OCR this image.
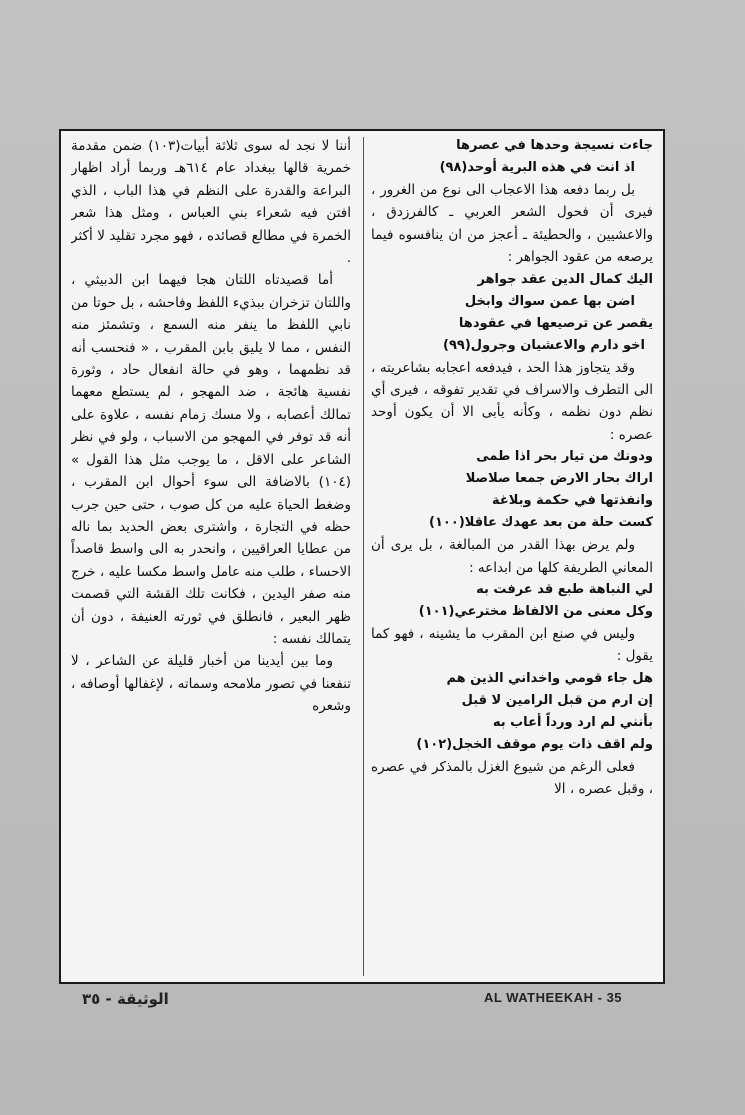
جاءت نسيجة وحدها في عصرها

اذ انت في هذه البرية أوحد(٩٨)

بل ربما دفعه هذا الاعجاب الى نوع من الغرور ، فيرى أن فحول الشعر العربي ـ كالفرزدق ، والاعشيين ، والحطيئة ـ أعجز من ان ينافسوه فيما يرصعه من عقود الجواهر :

اليك كمال الدين عقد جواهر

اضن بها عمن سواك وابخل

يقصر عن ترصيعها في عقودها

اخو دارم والاعشيان وجرول(٩٩)

وقد يتجاوز هذا الحد ، فيدفعه اعجابه بشاعريته ، الى التطرف والاسراف في تقدير تفوقه ، فيرى أي نظم دون نظمه ، وكأنه يأبى الا أن يكون أوحد عصره :

ودونك من تيار بحر اذا طمى

اراك بحار الارض جمعا صلاصلا

وانفذتها في حكمة وبلاغة

كست حلة من بعد عهدك عاقلا(١٠٠)

ولم يرض بهذا القدر من المبالغة ، بل يرى أن المعاني الطريفة كلها من ابداعه :

لي النباهة طبع قد عرفت به

وكل معنى من الالفاظ مخترعي(١٠١)

وليس في صنع ابن المقرب ما يشينه ، فهو كما يقول :

هل جاء قومي واخداني الذين هم

إن ارم من قبل الرامين لا قبل

بأنني لم ارد ورداً أعاب به

ولم اقف ذات يوم موقف الخجل(١٠٢)

فعلى الرغم من شيوع الغزل بالمذكر في عصره ، وقبل عصره ، الا

أننا لا نجد له سوى ثلاثة أبيات(١٠٣) ضمن مقدمة خمرية قالها ببغداد عام ٦١٤هـ وربما أراد اظهار البراعة والقدرة على النظم في هذا الباب ، الذي افتن فيه شعراء بني العباس ، ومثل هذا شعر الخمرة في مطالع قصائده ، فهو مجرد تقليد لا أكثر .

أما قصيدتاه اللتان هجا فيهما ابن الدبيثي ، واللتان تزخران ببذيء اللفظ وفاحشه ، بل حوتا من نابي اللفظ ما ينفر منه السمع ، وتشمئز منه النفس ، مما لا يليق بابن المقرب ، « فنحسب أنه قد نظمهما ، وهو في حالة انفعال حاد ، وثورة نفسية هائجة ، ضد المهجو ، لم يستطع معهما تمالك أعصابه ، ولا مسك زمام نفسه ، علاوة على أنه قد توفر في المهجو من الاسباب ، ولو في نظر الشاعر على الاقل ، ما يوجب مثل هذا القول » (١٠٤) بالاضافة الى سوء أحوال ابن المقرب ، وضغط الحياة عليه من كل صوب ، حتى حين جرب حظه في التجارة ، واشترى بعض الحديد بما ناله من عطايا العراقيين ، وانحدر به الى واسط قاصداً الاحساء ، طلب منه عامل واسط مكسا عليه ، خرج منه صفر اليدين ، فكانت تلك القشة التي قصمت ظهر البعير ، فانطلق في ثورته العنيفة ، دون أن يتمالك نفسه :

وما بين أيدينا من أخبار قليلة عن الشاعر ، لا تنفعنا في تصور ملامحه وسماته ، لإغفالها أوصافه ، وشعره

AL WATHEEKAH - 35
الوثيقة - ٣٥
